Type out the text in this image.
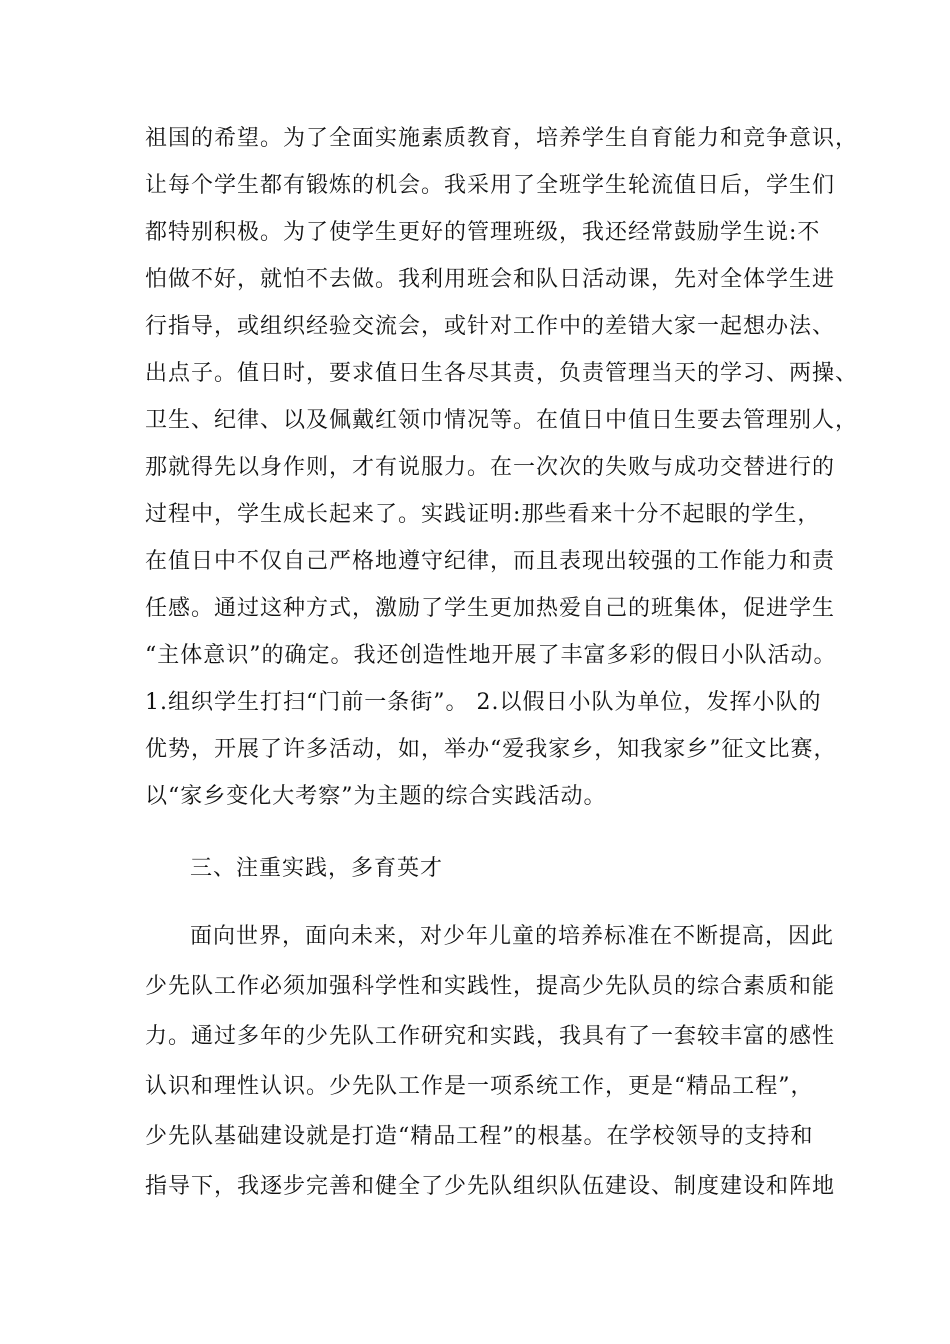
祖国的希望。为了全面实施素质教育，培养学生自育能力和竞争意识，
让每个学生都有锻炼的机会。我采用了全班学生轮流值日后，学生们
都特别积极。为了使学生更好的管理班级，我还经常鼓励学生说:不
怕做不好，就怕不去做。我利用班会和队日活动课，先对全体学生进
行指导，或组织经验交流会，或针对工作中的差错大家一起想办法、
出点子。值日时，要求值日生各尽其责，负责管理当天的学习、两操、
卫生、纪律、以及佩戴红领巾情况等。在值日中值日生要去管理别人，
那就得先以身作则，才有说服力。在一次次的失败与成功交替进行的
过程中，学生成长起来了。实践证明:那些看来十分不起眼的学生，
在值日中不仅自己严格地遵守纪律，而且表现出较强的工作能力和责
任感。通过这种方式，激励了学生更加热爱自己的班集体，促进学生
“主体意识”的确定。我还创造性地开展了丰富多彩的假日小队活动。
1.组织学生打扫“门前一条街”。 2.以假日小队为单位，发挥小队的
优势，开展了许多活动，如，举办“爱我家乡，知我家乡”征文比赛，
以“家乡变化大考察”为主题的综合实践活动。
三、注重实践，多育英才
面向世界，面向未来，对少年儿童的培养标准在不断提高，因此
少先队工作必须加强科学性和实践性，提高少先队员的综合素质和能
力。通过多年的少先队工作研究和实践，我具有了一套较丰富的感性
认识和理性认识。少先队工作是一项系统工作，更是“精品工程”，
少先队基础建设就是打造“精品工程”的根基。在学校领导的支持和
指导下，我逐步完善和健全了少先队组织队伍建设、制度建设和阵地
